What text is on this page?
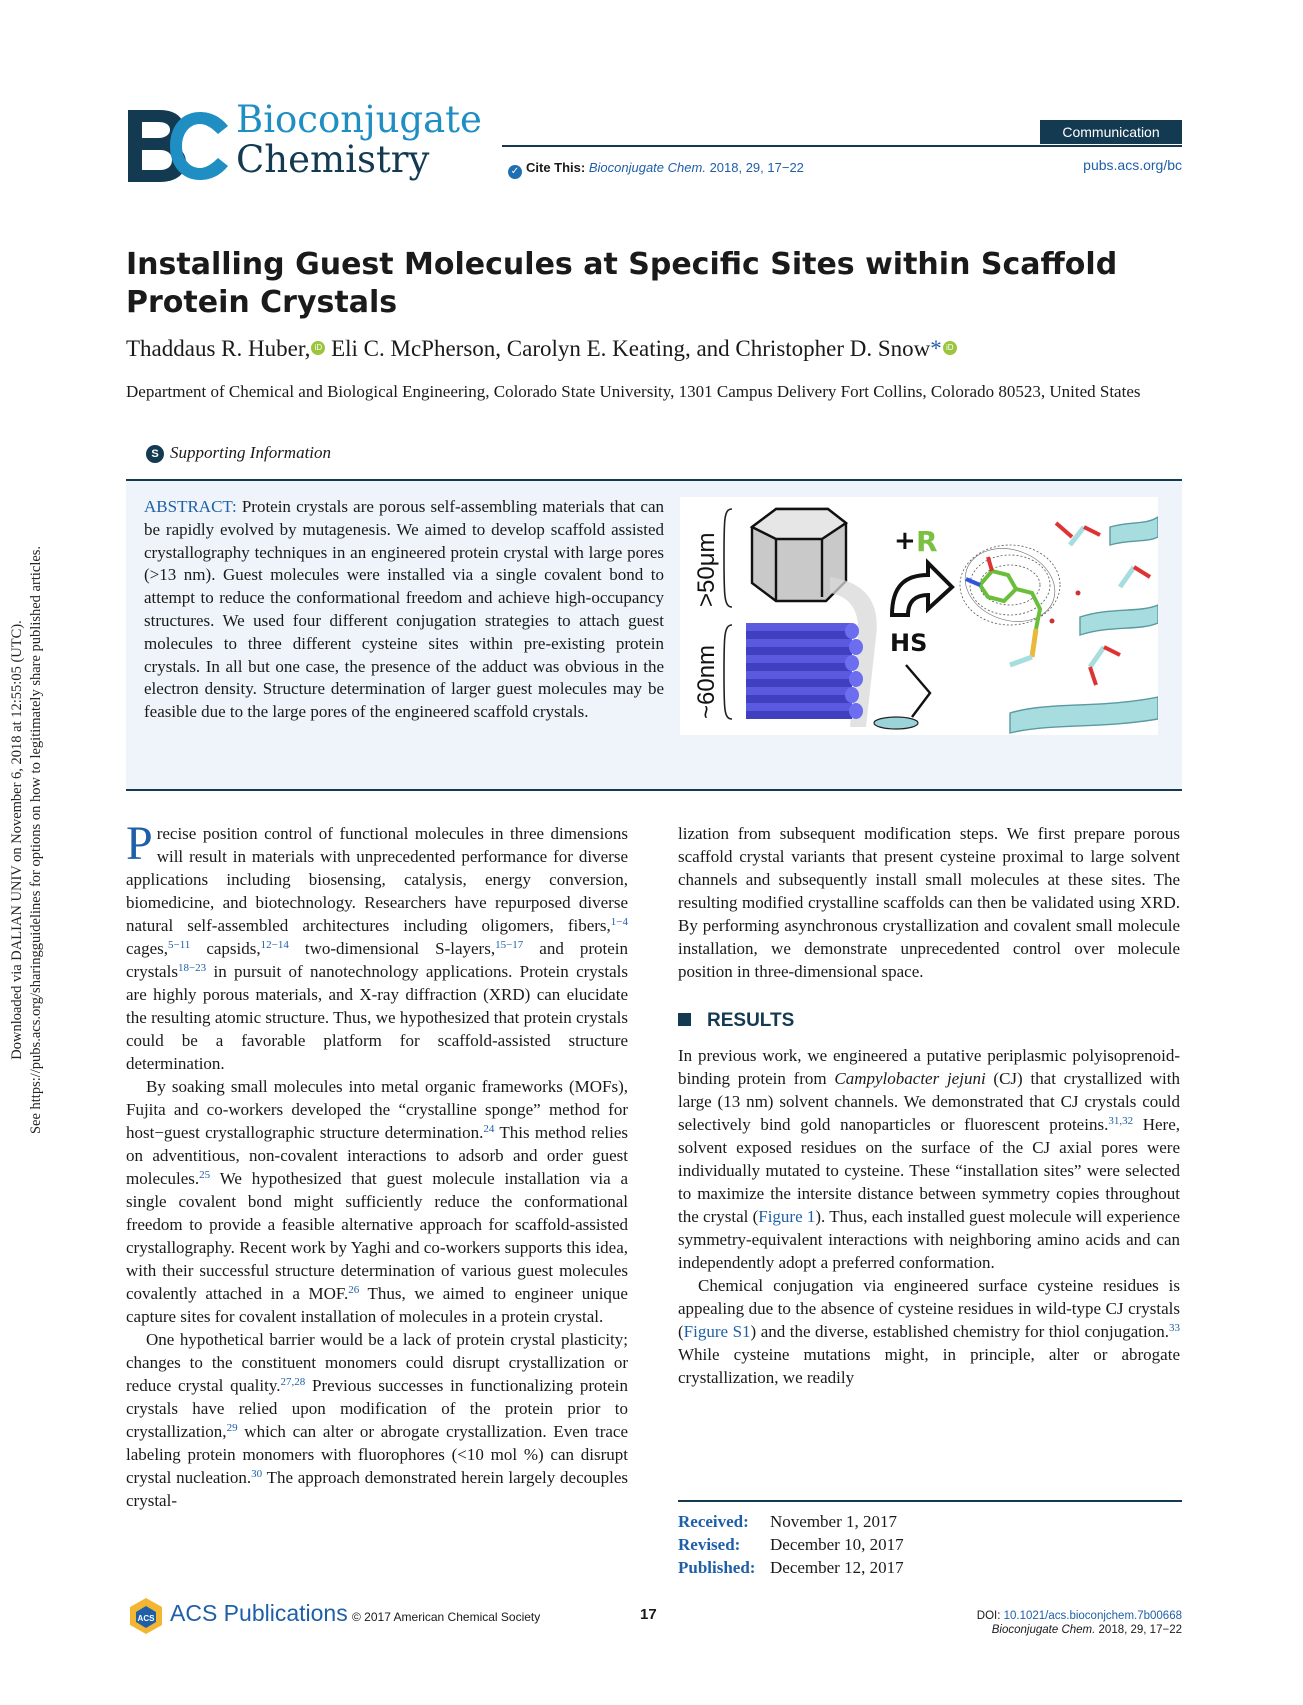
Downloaded via DALIAN UNIV on November 6, 2018 at 12:55:05 (UTC). See https://pubs.acs.org/sharingguidelines for options on how to legitimately share published articles.
Bioconjugate
Chemistry
Communication
✓ Cite This: Bioconjugate Chem. 2018, 29, 17−22	pubs.acs.org/bc
Installing Guest Molecules at Specific Sites within Scaffold Protein Crystals
Thaddaus R. Huber, iD Eli C. McPherson, Carolyn E. Keating, and Christopher D. Snow* iD
Department of Chemical and Biological Engineering, Colorado State University, 1301 Campus Delivery Fort Collins, Colorado 80523, United States
S Supporting Information
ABSTRACT: Protein crystals are porous self-assembling materials that can be rapidly evolved by mutagenesis. We aimed to develop scaffold assisted crystallography techniques in an engineered protein crystal with large pores (>13 nm). Guest molecules were installed via a single covalent bond to attempt to reduce the conformational freedom and achieve high-occupancy structures. We used four different conjugation strategies to attach guest molecules to three different cysteine sites within pre-existing protein crystals. In all but one case, the presence of the adduct was obvious in the electron density. Structure determination of larger guest molecules may be feasible due to the large pores of the engineered scaffold crystals.
>50μm
~60nm
+ R
HS

Precise position control of functional molecules in three dimensions will result in materials with unprecedented performance for diverse applications including biosensing, catalysis, energy conversion, biomedicine, and biotechnology. Researchers have repurposed diverse natural self-assembled architectures including oligomers, fibers,$^{1-4}$ cages,$^{5-11}$ capsids,$^{12-14}$ two-dimensional S-layers,$^{15-17}$ and protein crystals$^{18-23}$ in pursuit of nanotechnology applications. Protein crystals are highly porous materials, and X-ray diffraction (XRD) can elucidate the resulting atomic structure. Thus, we hypothesized that protein crystals could be a favorable platform for scaffold-assisted structure determination.

By soaking small molecules into metal organic frameworks (MOFs), Fujita and co-workers developed the “crystalline sponge” method for host−guest crystallographic structure determination.$^{24}$ This method relies on adventitious, non-covalent interactions to adsorb and order guest molecules.$^{25}$ We hypothesized that guest molecule installation via a single covalent bond might sufficiently reduce the conformational freedom to provide a feasible alternative approach for scaffold-assisted crystallography. Recent work by Yaghi and co-workers supports this idea, with their successful structure determination of various guest molecules covalently attached in a MOF.$^{26}$ Thus, we aimed to engineer unique capture sites for covalent installation of molecules in a protein crystal.

One hypothetical barrier would be a lack of protein crystal plasticity; changes to the constituent monomers could disrupt crystallization or reduce crystal quality.$^{27,28}$ Previous successes in functionalizing protein crystals have relied upon modification of the protein prior to crystallization,$^{29}$ which can alter or abrogate crystallization. Even trace labeling protein monomers with fluorophores (<10 mol %) can disrupt crystal nucleation.$^{30}$ The approach demonstrated herein largely decouples crystal-

lization from subsequent modification steps. We first prepare porous scaffold crystal variants that present cysteine proximal to large solvent channels and subsequently install small molecules at these sites. The resulting modified crystalline scaffolds can then be validated using XRD. By performing asynchronous crystallization and covalent small molecule installation, we demonstrate unprecedented control over molecule position in three-dimensional space.

RESULTS

In previous work, we engineered a putative periplasmic polyisoprenoid-binding protein from Campylobacter jejuni (CJ) that crystallized with large (13 nm) solvent channels. We demonstrated that CJ crystals could selectively bind gold nanoparticles or fluorescent proteins.$^{31,32}$ Here, solvent exposed residues on the surface of the CJ axial pores were individually mutated to cysteine. These “installation sites” were selected to maximize the intersite distance between symmetry copies throughout the crystal (Figure 1). Thus, each installed guest molecule will experience symmetry-equivalent interactions with neighboring amino acids and can independently adopt a preferred conformation.

Chemical conjugation via engineered surface cysteine residues is appealing due to the absence of cysteine residues in wild-type CJ crystals (Figure S1) and the diverse, established chemistry for thiol conjugation.$^{33}$ While cysteine mutations might, in principle, alter or abrogate crystallization, we readily

Received:	November 1, 2017
Revised:	December 10, 2017
Published: December 12, 2017
ACS ACS Publications © 2017 American Chemical Society	17	DOI: 10.1021/acs.bioconjchem.7b00668
Bioconjugate Chem. 2018, 29, 17−22
